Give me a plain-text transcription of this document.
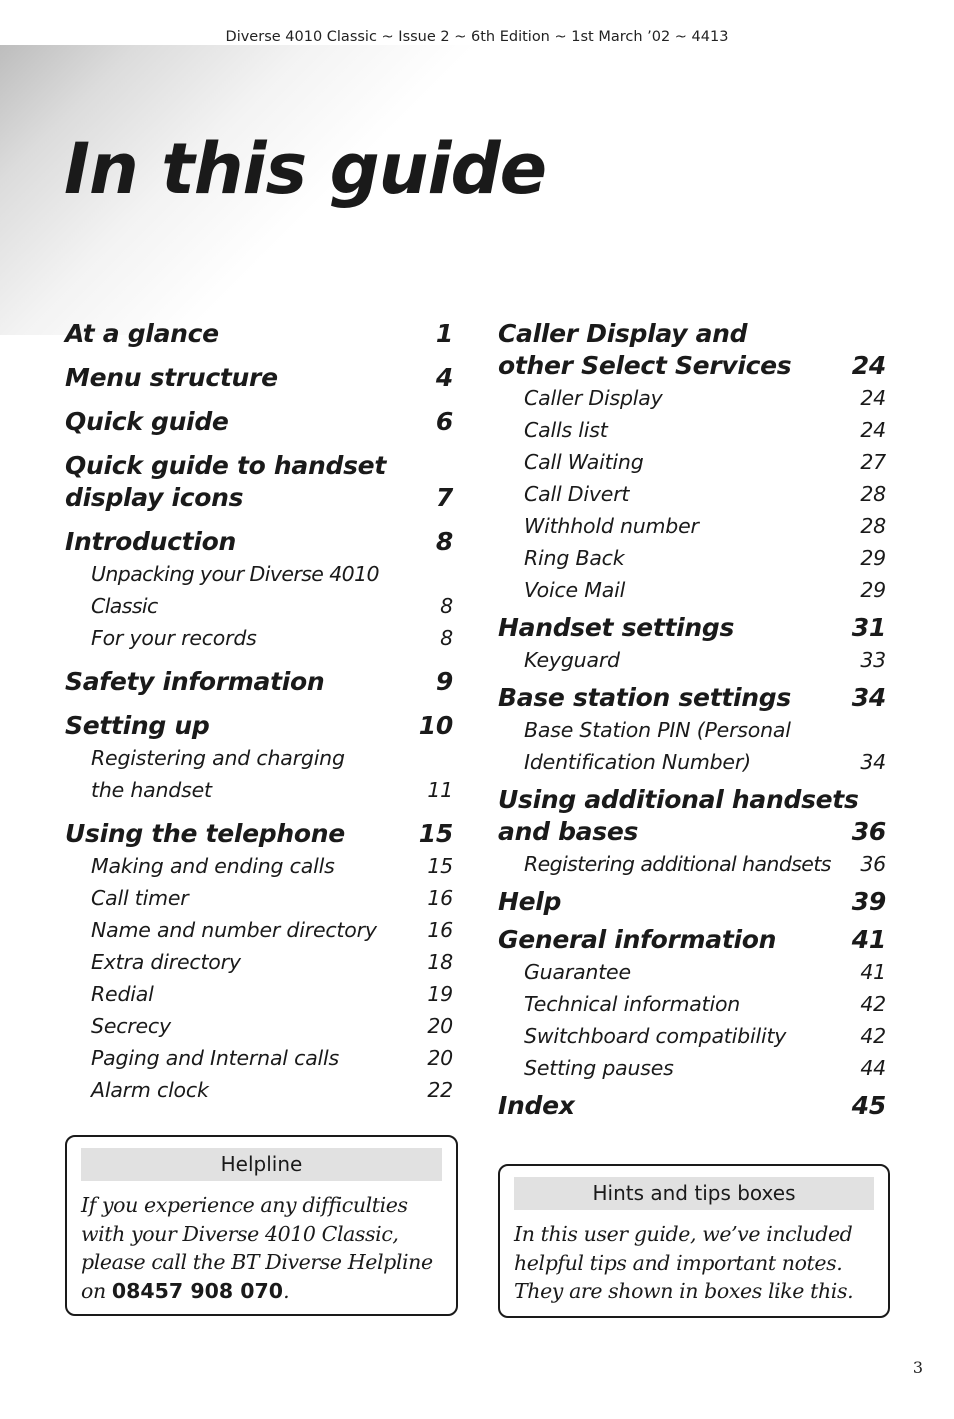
Diverse 4010 Classic ~ Issue 2 ~ 6th Edition ~ 1st March ’02 ~ 4413
In this guide
At a glance	1
Menu structure	4
Quick guide	6
Quick guide to handset
display icons	7
Introduction	8
Unpacking your Diverse 4010 Classic	8
For your records	8
Safety information	9
Setting up	10
Registering and charging
the handset	11
Using the telephone	15
Making and ending calls	15
Call timer	16
Name and number directory 16
Extra directory	18
Redial	19
Secrecy	20
Paging and Internal calls	20
Alarm clock	22
Caller Display and
other Select Services 24
Caller Display	24
Calls list	24
Call Waiting	27
Call Divert	28
Withhold number	28
Ring Back	29
Voice Mail	29
Handset settings	31
Keyguard	33
Base station settings 34
Base Station PIN (Personal
Identification Number)	34
Using additional handsets
and bases	36
Registering additional handsets 36
Help	39
General information	41
Guarantee	41
Technical information	42
Switchboard compatibility	42
Setting pauses	44
Index	45
Helpline
If you experience any difficulties with your Diverse 4010 Classic, please call the BT Diverse Helpline on 08457 908 070.
Hints and tips boxes
In this user guide, we’ve included helpful tips and important notes. They are shown in boxes like this.
3
